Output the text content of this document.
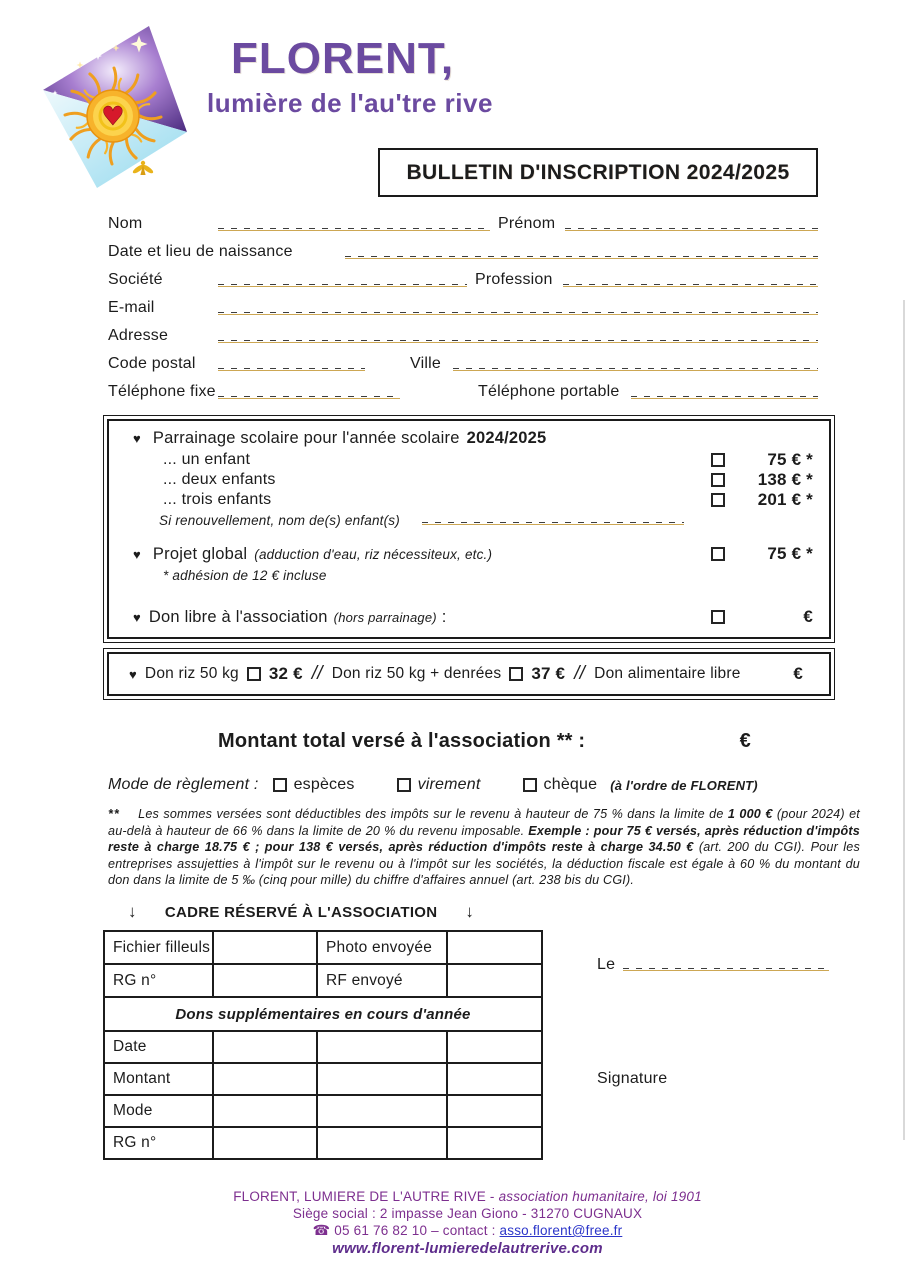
♥
FLORENT,
lumière de l'au'tre rive
BULLETIN D'INSCRIPTION 2024/2025
Nom	Prénom
Date et lieu de naissance
Société	Profession
E-mail
Adresse
Code postal	Ville
Téléphone fixe	Téléphone portable
♥ Parrainage scolaire pour l'année scolaire 2024/2025
... un enfant	75 € *
... deux enfants	138 € *
... trois enfants	201 € *
Si renouvellement, nom de(s) enfant(s)
♥ Projet global (adduction d'eau, riz nécessiteux, etc.)	75 € *
* adhésion de 12 € incluse
♥ Don libre à l'association (hors parrainage) :	€
♥ Don riz 50 kg 32 € // Don riz 50 kg + denrées 37 € // Don alimentaire libre	€
Montant total versé à l'association ** :	€
Mode de règlement : espèces	virement	chèque (à l'ordre de FLORENT)

** Les sommes versées sont déductibles des impôts sur le revenu à hauteur de 75 % dans la limite de 1 000 € (pour 2024) et au-delà à hauteur de 66 % dans la limite de 20 % du revenu imposable. Exemple : pour 75 € versés, après réduction d'impôts reste à charge 18.75 € ; pour 138 € versés, après réduction d'impôts reste à charge 34.50 € (art. 200 du CGI). Pour les entreprises assujetties à l'impôt sur le revenu ou à l'impôt sur les sociétés, la déduction fiscale est égale à 60 % du montant du don dans la limite de 5 ‰ (cinq pour mille) du chiffre d'affaires annuel (art. 238 bis du CGI).

↓ CADRE RÉSERVÉ À L'ASSOCIATION ↓
Fichier filleuls		Photo envoyée	
RG n°		RF envoyé	
Dons supplémentaires en cours d'année			
Date			
Montant			
Mode			
RG n°			
Le
Signature
FLORENT, LUMIERE DE L'AUTRE RIVE - association humanitaire, loi 1901
Siège social : 2 impasse Jean Giono - 31270 CUGNAUX
☎ 05 61 76 82 10 – contact : asso.florent@free.fr
www.florent-lumieredelautrerive.com
